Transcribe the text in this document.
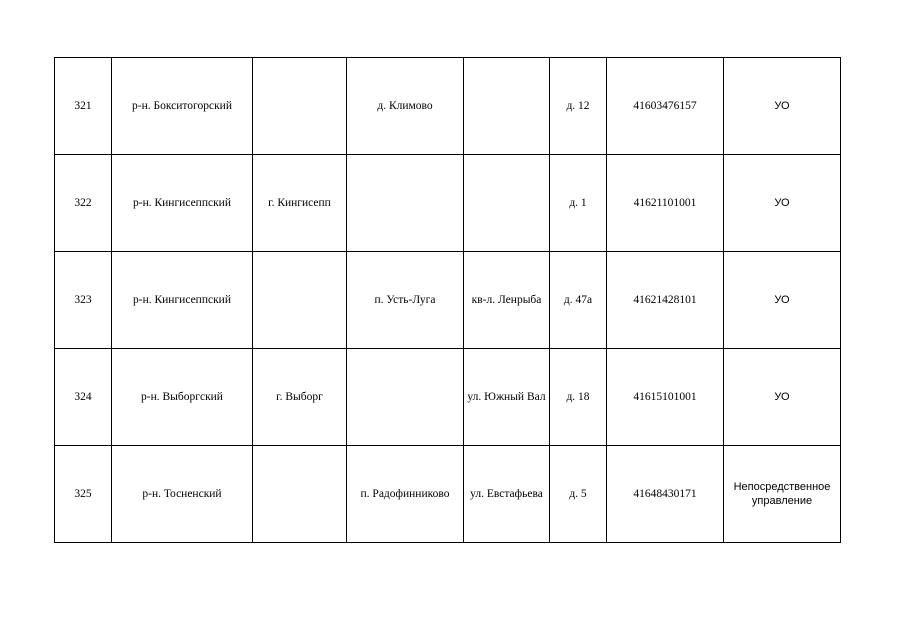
321	р-н. Бокситогорский		д. Климово		д. 12	41603476157	УО
322	р-н. Кингисеппский	г. Кингисепп			д. 1	41621101001	УО
323	р-н. Кингисеппский		п. Усть-Луга	кв-л. Ленрыба	д. 47а	41621428101	УО
324	р-н. Выборгский	г. Выборг		ул. Южный Вал	д. 18	41615101001	УО
325	р-н. Тосненский		п. Радофинниково	ул. Евстафьева	д. 5	41648430171	Непосредственное управление
